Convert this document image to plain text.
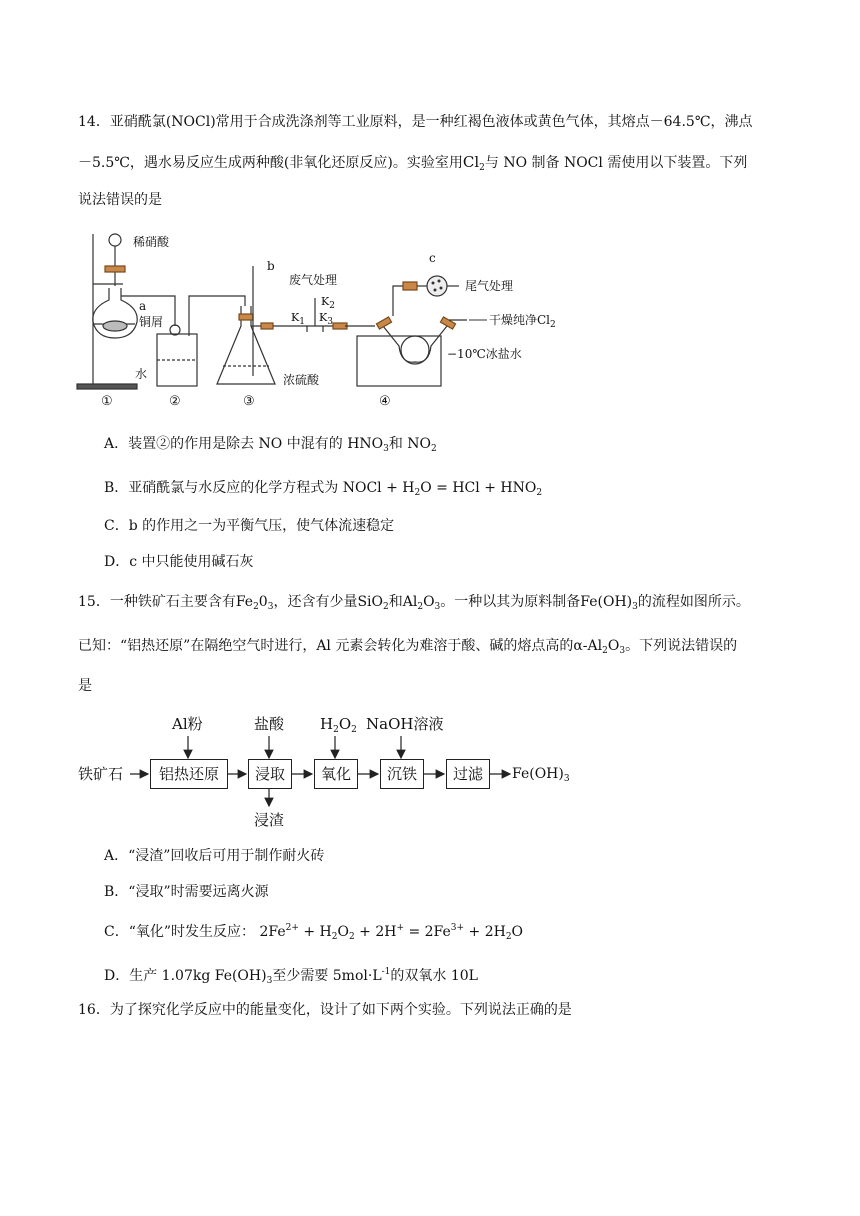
14．亚硝酰氯(NOCl)常用于合成洗涤剂等工业原料，是一种红褐色液体或黄色气体，其熔点－64.5℃，沸点
－5.5℃，遇水易反应生成两种酸(非氧化还原反应)。实验室用$Cl_2$与 NO 制备 NOCl 需使用以下装置。下列
说法错误的是
稀硝酸
a
铜屑
水
b
废气处理
$K_2$
$K_1$ $K_3$
浓硫酸
c
尾气处理
干燥纯净$Cl_2$
−10℃冰盐水
①	②	③	④
A．装置②的作用是除去 NO 中混有的 $HNO_3$和 $NO_2$
B．亚硝酰氯与水反应的化学方程式为 NOCl + $H_2O$ = HCl + $HNO_2$
C．b 的作用之一为平衡气压，使气体流速稳定
D．c 中只能使用碱石灰
15．一种铁矿石主要含有$Fe_20_3$，还含有少量SiO$_2$和$Al_2O_3$。一种以其为原料制备$Fe(OH)_3$的流程如图所示。
已知：“铝热还原”在隔绝空气时进行，Al 元素会转化为难溶于酸、碱的熔点高的$\alpha-Al_2O_3$。下列说法错误的
是
铁矿石	铝热还原	浸取	氧化	沉铁	过滤	$Fe(OH)_3$
Al粉	盐酸 $H_2O_2$ NaOH溶液
浸渣
A．“浸渣”回收后可用于制作耐火砖
B．“浸取”时需要远离火源
C．“氧化”时发生反应： $2Fe^{2+} + H_2O_2 + 2H^+ = 2Fe^{3+} + 2H_2O$
D．生产 1.07kg $Fe(OH)_3$至少需要 $5mol\cdot L^{-1}$的双氧水 10L
16．为了探究化学反应中的能量变化，设计了如下两个实验。下列说法正确的是
